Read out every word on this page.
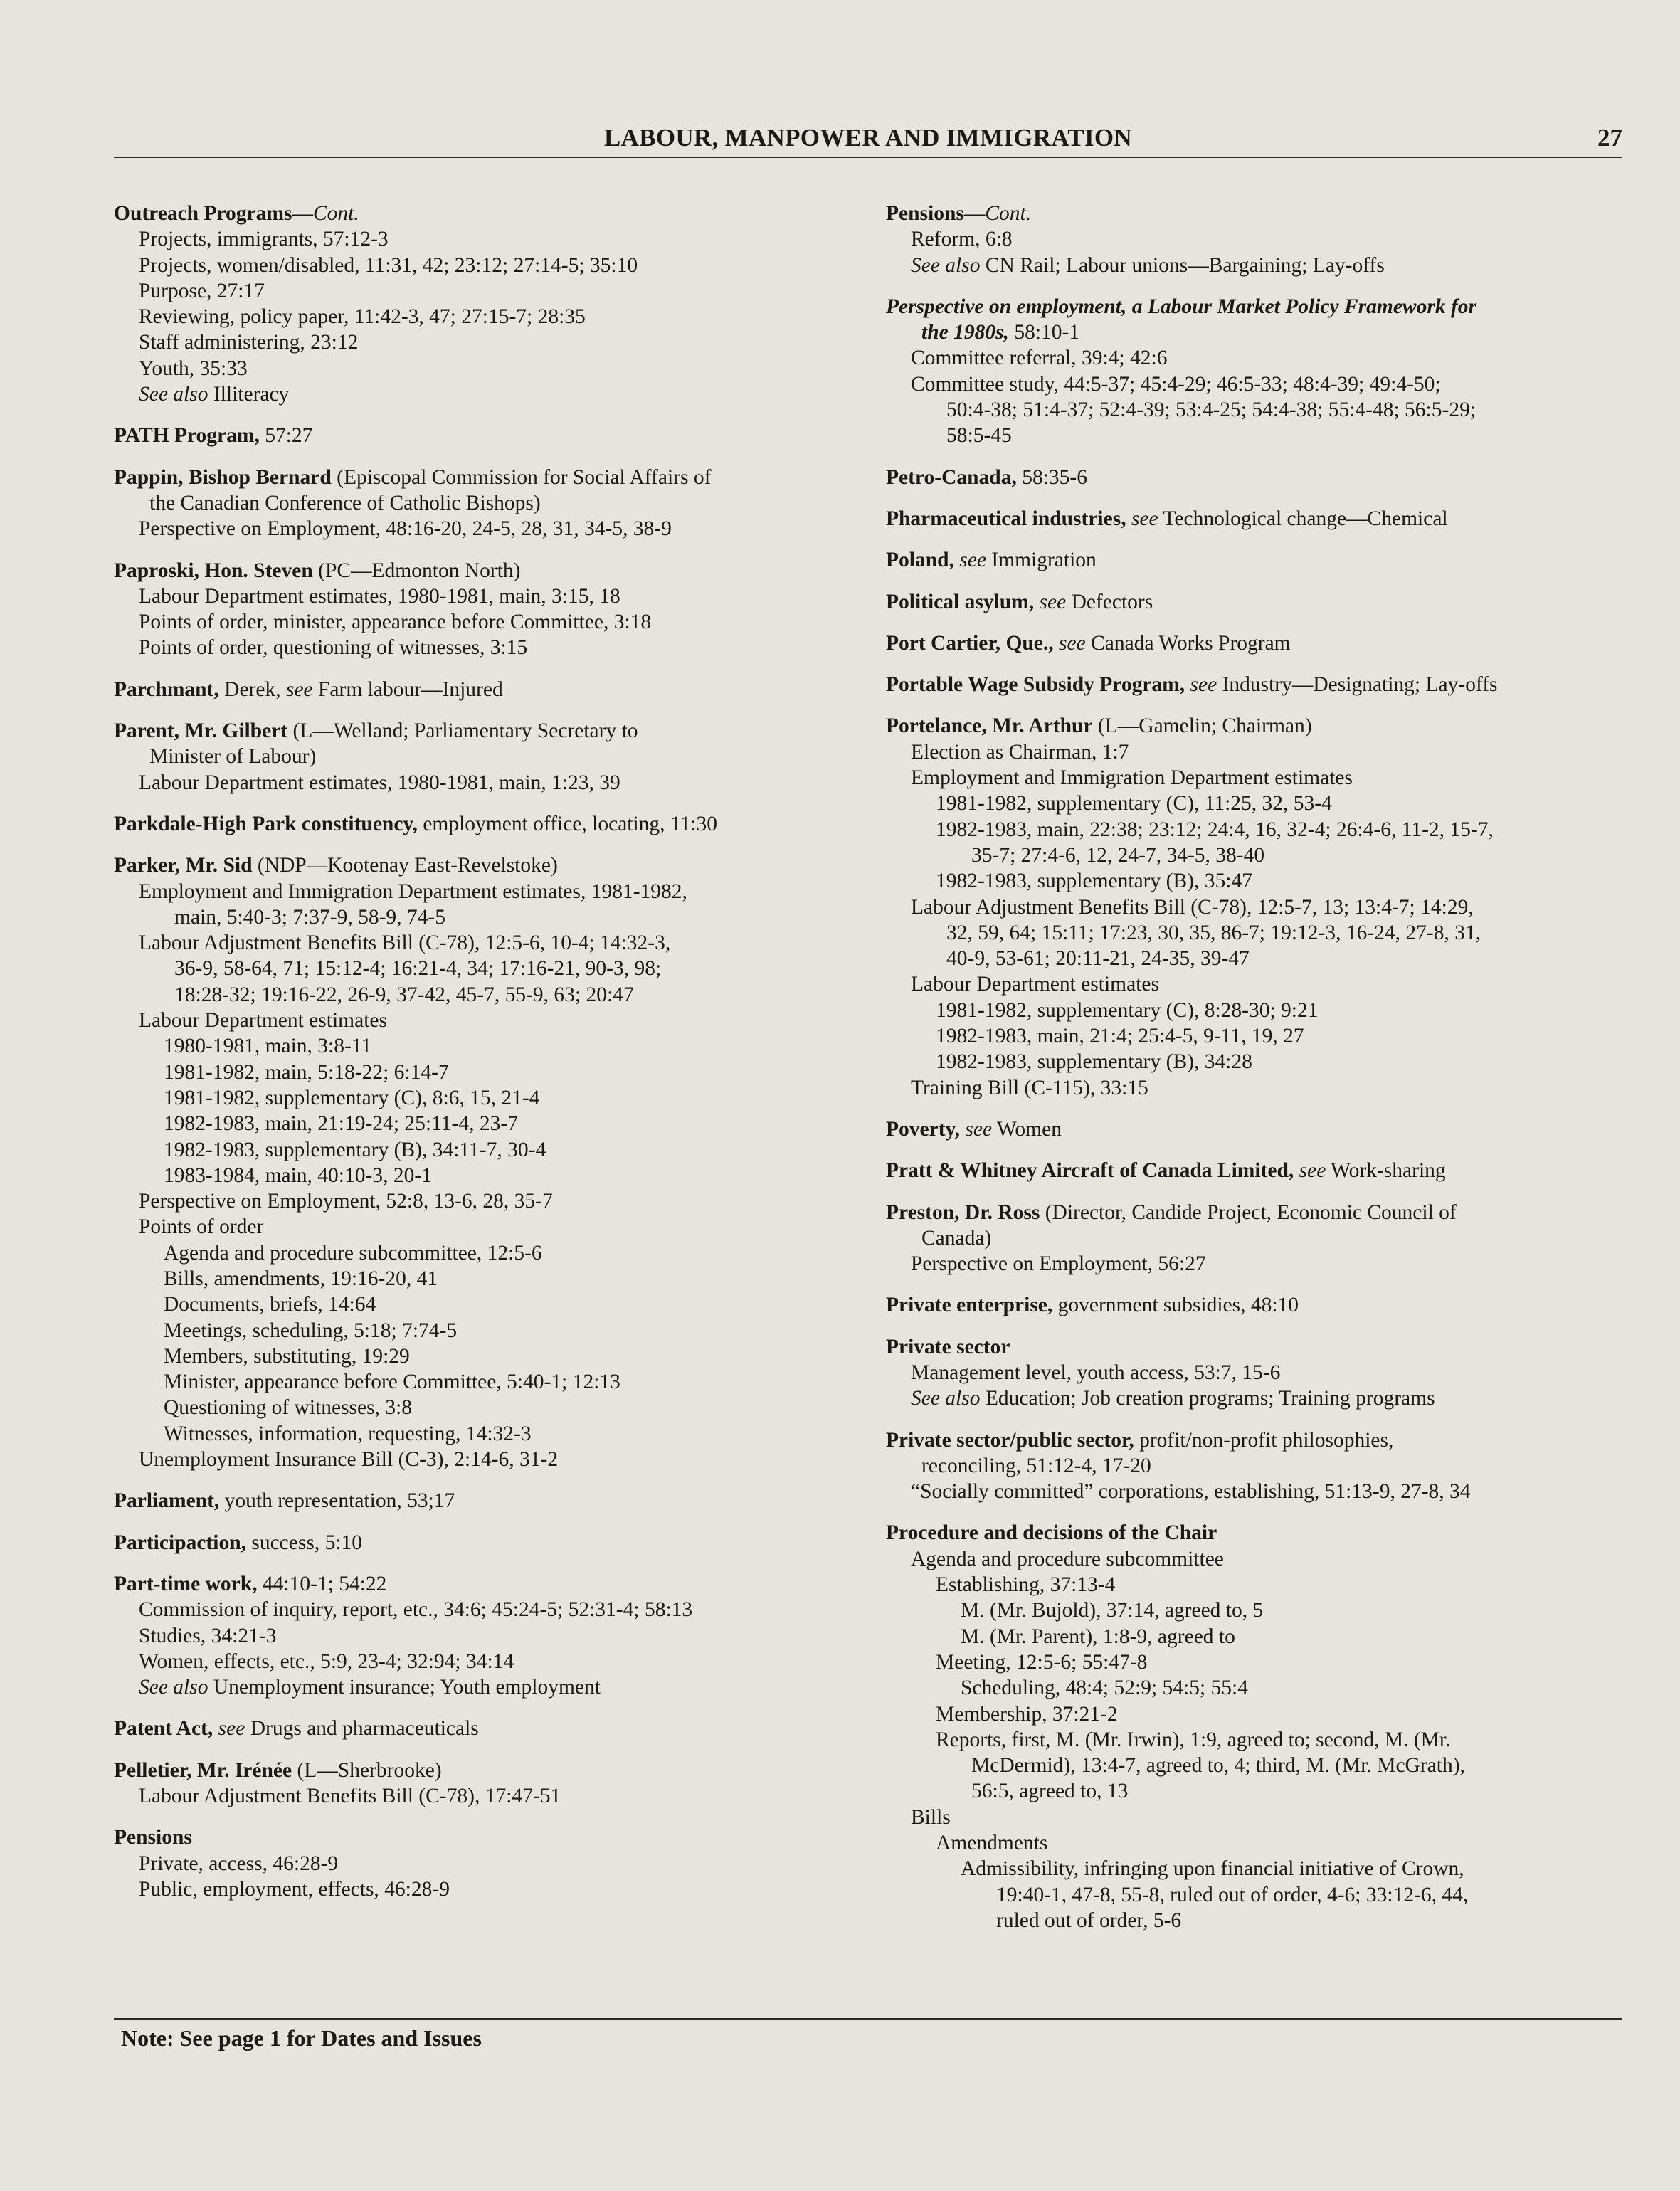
LABOUR, MANPOWER AND IMMIGRATION	27
Outreach Programs—Cont.
Projects, immigrants, 57:12-3
Projects, women/disabled, 11:31, 42; 23:12; 27:14-5; 35:10
Purpose, 27:17
Reviewing, policy paper, 11:42-3, 47; 27:15-7; 28:35
Staff administering, 23:12
Youth, 35:33
See also Illiteracy
PATH Program, 57:27
Pappin, Bishop Bernard (Episcopal Commission for Social Affairs of
the Canadian Conference of Catholic Bishops)
Perspective on Employment, 48:16-20, 24-5, 28, 31, 34-5, 38-9
Paproski, Hon. Steven (PC—Edmonton North)
Labour Department estimates, 1980-1981, main, 3:15, 18
Points of order, minister, appearance before Committee, 3:18
Points of order, questioning of witnesses, 3:15
Parchmant, Derek, see Farm labour—Injured
Parent, Mr. Gilbert (L—Welland; Parliamentary Secretary to
Minister of Labour)
Labour Department estimates, 1980-1981, main, 1:23, 39
Parkdale-High Park constituency, employment office, locating, 11:30
Parker, Mr. Sid (NDP—Kootenay East-Revelstoke)
Employment and Immigration Department estimates, 1981-1982,
main, 5:40-3; 7:37-9, 58-9, 74-5
Labour Adjustment Benefits Bill (C-78), 12:5-6, 10-4; 14:32-3,
36-9, 58-64, 71; 15:12-4; 16:21-4, 34; 17:16-21, 90-3, 98;
18:28-32; 19:16-22, 26-9, 37-42, 45-7, 55-9, 63; 20:47
Labour Department estimates
1980-1981, main, 3:8-11
1981-1982, main, 5:18-22; 6:14-7
1981-1982, supplementary (C), 8:6, 15, 21-4
1982-1983, main, 21:19-24; 25:11-4, 23-7
1982-1983, supplementary (B), 34:11-7, 30-4
1983-1984, main, 40:10-3, 20-1
Perspective on Employment, 52:8, 13-6, 28, 35-7
Points of order
Agenda and procedure subcommittee, 12:5-6
Bills, amendments, 19:16-20, 41
Documents, briefs, 14:64
Meetings, scheduling, 5:18; 7:74-5
Members, substituting, 19:29
Minister, appearance before Committee, 5:40-1; 12:13
Questioning of witnesses, 3:8
Witnesses, information, requesting, 14:32-3
Unemployment Insurance Bill (C-3), 2:14-6, 31-2
Parliament, youth representation, 53;17
Participaction, success, 5:10
Part-time work, 44:10-1; 54:22
Commission of inquiry, report, etc., 34:6; 45:24-5; 52:31-4; 58:13
Studies, 34:21-3
Women, effects, etc., 5:9, 23-4; 32:94; 34:14
See also Unemployment insurance; Youth employment
Patent Act, see Drugs and pharmaceuticals
Pelletier, Mr. Irénée (L—Sherbrooke)
Labour Adjustment Benefits Bill (C-78), 17:47-51
Pensions
Private, access, 46:28-9
Public, employment, effects, 46:28-9
Pensions—Cont.
Reform, 6:8
See also CN Rail; Labour unions—Bargaining; Lay-offs
Perspective on employment, a Labour Market Policy Framework for
the 1980s, 58:10-1
Committee referral, 39:4; 42:6
Committee study, 44:5-37; 45:4-29; 46:5-33; 48:4-39; 49:4-50;
50:4-38; 51:4-37; 52:4-39; 53:4-25; 54:4-38; 55:4-48; 56:5-29;
58:5-45
Petro-Canada, 58:35-6
Pharmaceutical industries, see Technological change—Chemical
Poland, see Immigration
Political asylum, see Defectors
Port Cartier, Que., see Canada Works Program
Portable Wage Subsidy Program, see Industry—Designating; Lay-offs
Portelance, Mr. Arthur (L—Gamelin; Chairman)
Election as Chairman, 1:7
Employment and Immigration Department estimates
1981-1982, supplementary (C), 11:25, 32, 53-4
1982-1983, main, 22:38; 23:12; 24:4, 16, 32-4; 26:4-6, 11-2, 15-7,
35-7; 27:4-6, 12, 24-7, 34-5, 38-40
1982-1983, supplementary (B), 35:47
Labour Adjustment Benefits Bill (C-78), 12:5-7, 13; 13:4-7; 14:29,
32, 59, 64; 15:11; 17:23, 30, 35, 86-7; 19:12-3, 16-24, 27-8, 31,
40-9, 53-61; 20:11-21, 24-35, 39-47
Labour Department estimates
1981-1982, supplementary (C), 8:28-30; 9:21
1982-1983, main, 21:4; 25:4-5, 9-11, 19, 27
1982-1983, supplementary (B), 34:28
Training Bill (C-115), 33:15
Poverty, see Women
Pratt & Whitney Aircraft of Canada Limited, see Work-sharing
Preston, Dr. Ross (Director, Candide Project, Economic Council of
Canada)
Perspective on Employment, 56:27
Private enterprise, government subsidies, 48:10
Private sector
Management level, youth access, 53:7, 15-6
See also Education; Job creation programs; Training programs
Private sector/public sector, profit/non-profit philosophies,
reconciling, 51:12-4, 17-20
“Socially committed” corporations, establishing, 51:13-9, 27-8, 34
Procedure and decisions of the Chair
Agenda and procedure subcommittee
Establishing, 37:13-4
M. (Mr. Bujold), 37:14, agreed to, 5
M. (Mr. Parent), 1:8-9, agreed to
Meeting, 12:5-6; 55:47-8
Scheduling, 48:4; 52:9; 54:5; 55:4
Membership, 37:21-2
Reports, first, M. (Mr. Irwin), 1:9, agreed to; second, M. (Mr.
McDermid), 13:4-7, agreed to, 4; third, M. (Mr. McGrath),
56:5, agreed to, 13
Bills
Amendments
Admissibility, infringing upon financial initiative of Crown,
19:40-1, 47-8, 55-8, ruled out of order, 4-6; 33:12-6, 44,
ruled out of order, 5-6
Note: See page 1 for Dates and Issues
